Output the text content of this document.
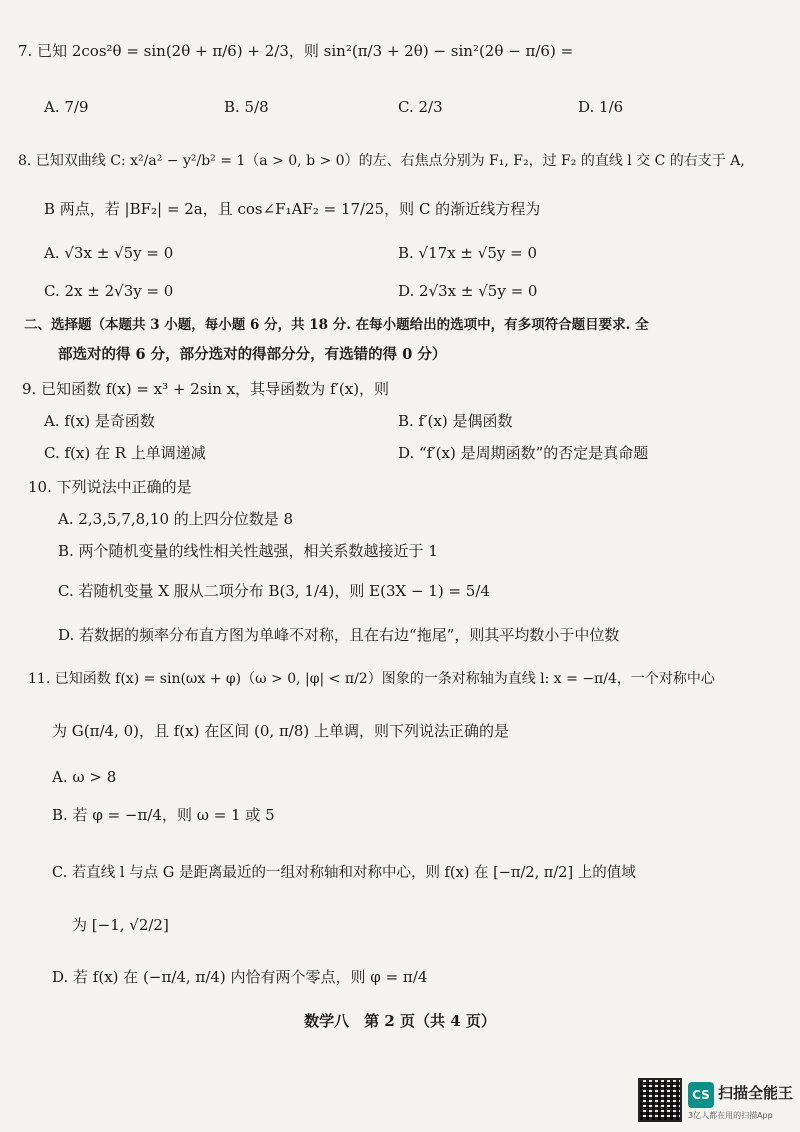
7. 已知 2cos²θ = sin(2θ + π/6) + 2/3，则 sin²(π/3 + 2θ) − sin²(2θ − π/6) =
A. 7/9	B. 5/8	C. 2/3	D. 1/6
8. 已知双曲线 C: x²/a² − y²/b² = 1（a > 0, b > 0）的左、右焦点分别为 F₁, F₂，过 F₂ 的直线 l 交 C 的右支于 A,
B 两点，若 |BF₂| = 2a，且 cos∠F₁AF₂ = 17/25，则 C 的渐近线方程为
A. √3x ± √5y = 0	B. √17x ± √5y = 0
C. 2x ± 2√3y = 0	D. 2√3x ± √5y = 0
二、选择题（本题共 3 小题，每小题 6 分，共 18 分. 在每小题给出的选项中，有多项符合题目要求. 全
部选对的得 6 分，部分选对的得部分分，有选错的得 0 分）
9. 已知函数 f(x) = x³ + 2sin x，其导函数为 f′(x)，则
A. f(x) 是奇函数	B. f′(x) 是偶函数
C. f(x) 在 R 上单调递减	D. “f′(x) 是周期函数”的否定是真命题
10. 下列说法中正确的是
A. 2,3,5,7,8,10 的上四分位数是 8
B. 两个随机变量的线性相关性越强，相关系数越接近于 1
C. 若随机变量 X 服从二项分布 B(3, 1/4)，则 E(3X − 1) = 5/4
D. 若数据的频率分布直方图为单峰不对称，且在右边“拖尾”，则其平均数小于中位数
11. 已知函数 f(x) = sin(ωx + φ)（ω > 0, |φ| < π/2）图象的一条对称轴为直线 l: x = −π/4，一个对称中心
为 G(π/4, 0)，且 f(x) 在区间 (0, π/8) 上单调，则下列说法正确的是
A. ω > 8
B. 若 φ = −π/4，则 ω = 1 或 5
C. 若直线 l 与点 G 是距离最近的一组对称轴和对称中心，则 f(x) 在 [−π/2, π/2] 上的值域
为 [−1, √2/2]
D. 若 f(x) 在 (−π/4, π/4) 内恰有两个零点，则 φ = π/4
数学八　第 2 页（共 4 页）
CS 扫描全能王
3亿人都在用的扫描App
